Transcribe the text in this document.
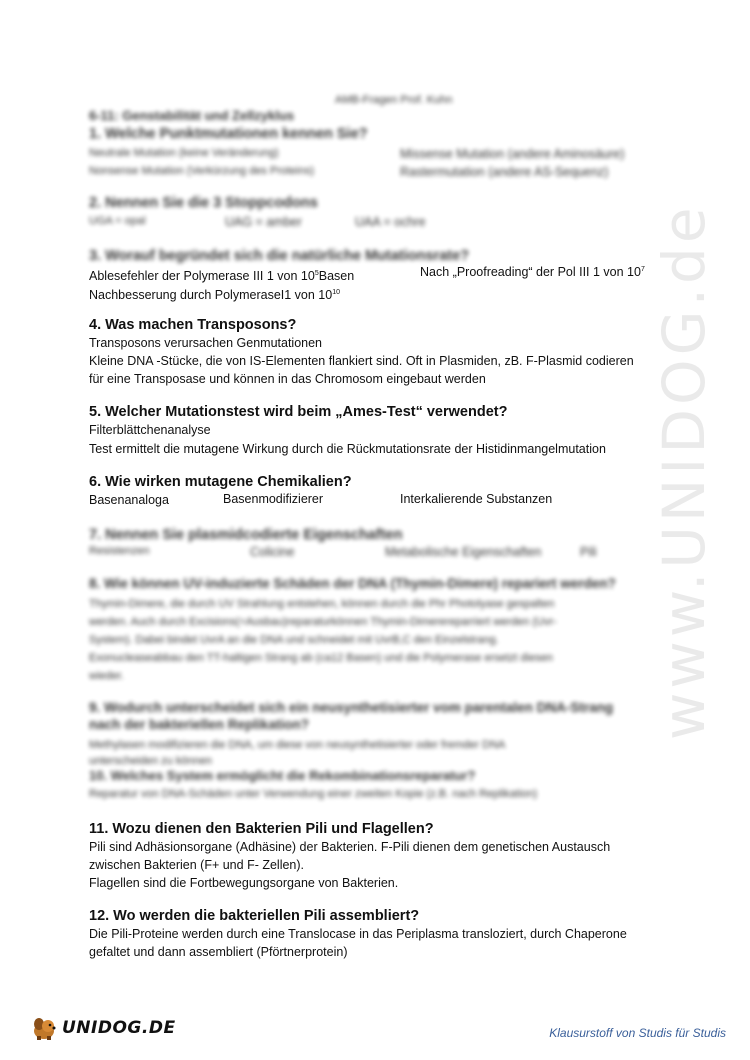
www.UNIDOG.de
AMB-Fragen Prof. Kuhn
6-11: Genstabilität und Zellzyklus
1. Welche Punktmutationen kennen Sie?
Neutrale Mutation (keine Veränderung)	Missense Mutation (andere Aminosäure)
Nonsense Mutation (Verkürzung des Proteins)	Rastermutation (andere AS-Sequenz)
2. Nennen Sie die 3 Stoppcodons
UGA = opal	UAG = amber	UAA = ochre
3. Worauf begründet sich die natürliche Mutationsrate?
Ablesefehler der Polymerase III 1 von $10^5Basen$	Nach „Proofreading“ der Pol III 1 von $10^7$
Nachbesserung durch PolymeraseI1 von $10^{10}$
4. Was machen Transposons?
Transposons verursachen Genmutationen
Kleine DNA -Stücke, die von IS-Elementen flankiert sind. Oft in Plasmiden, zB. F-Plasmid codieren
für eine Transposase und können in das Chromosom eingebaut werden
5. Welcher Mutationstest wird beim „Ames-Test“ verwendet?
Filterblättchenanalyse
Test ermittelt die mutagene Wirkung durch die Rückmutationsrate der Histidinmangelmutation
6. Wie wirken mutagene Chemikalien?
Basenanaloga	Basenmodifizierer	Interkalierende Substanzen
7. Nennen Sie plasmidcodierte Eigenschaften
Resistenzen	Colicine	Metabolische Eigenschaften	Pili
8. Wie können UV-induzierte Schäden der DNA (Thymin-Dimere) repariert werden?
Thymin-Dimere, die durch UV Strahlung entstehen, können durch die Phr Photolyase gespalten
werden. Auch durch Excisions(=Ausbau)reparaturkönnen Thymin-Dimerereparriert werden (Uvr-
System). Dabei bindet UvrA an die DNA und schneidet mit UvrB,C den Einzelstrang.
Exonucleaseabbau den TT-haltigen Strang ab (ca12 Basen) und die Polymerase ersetzt diesen
wieder.
9. Wodurch unterscheidet sich ein neusynthetisierter vom parentalen DNA-Strang
nach der bakteriellen Replikation?
Methylasen modifizieren die DNA, um diese von neusynthetisierter oder fremder DNA
unterscheiden zu können
10. Welches System ermöglicht die Rekombinationsreparatur?
Reparatur von DNA-Schäden unter Verwendung einer zweiten Kopie (z.B. nach Replikation)
11. Wozu dienen den Bakterien Pili und Flagellen?
Pili sind Adhäsionsorgane (Adhäsine) der Bakterien. F-Pili dienen dem genetischen Austausch
zwischen Bakterien (F+ und F- Zellen).
Flagellen sind die Fortbewegungsorgane von Bakterien.
12. Wo werden die bakteriellen Pili assembliert?
Die Pili-Proteine werden durch eine Translocase in das Periplasma transloziert, durch Chaperone
gefaltet und dann assembliert (Pförtnerprotein)
UNIDOG.DE	Klausurstoff von Studis für Studis
